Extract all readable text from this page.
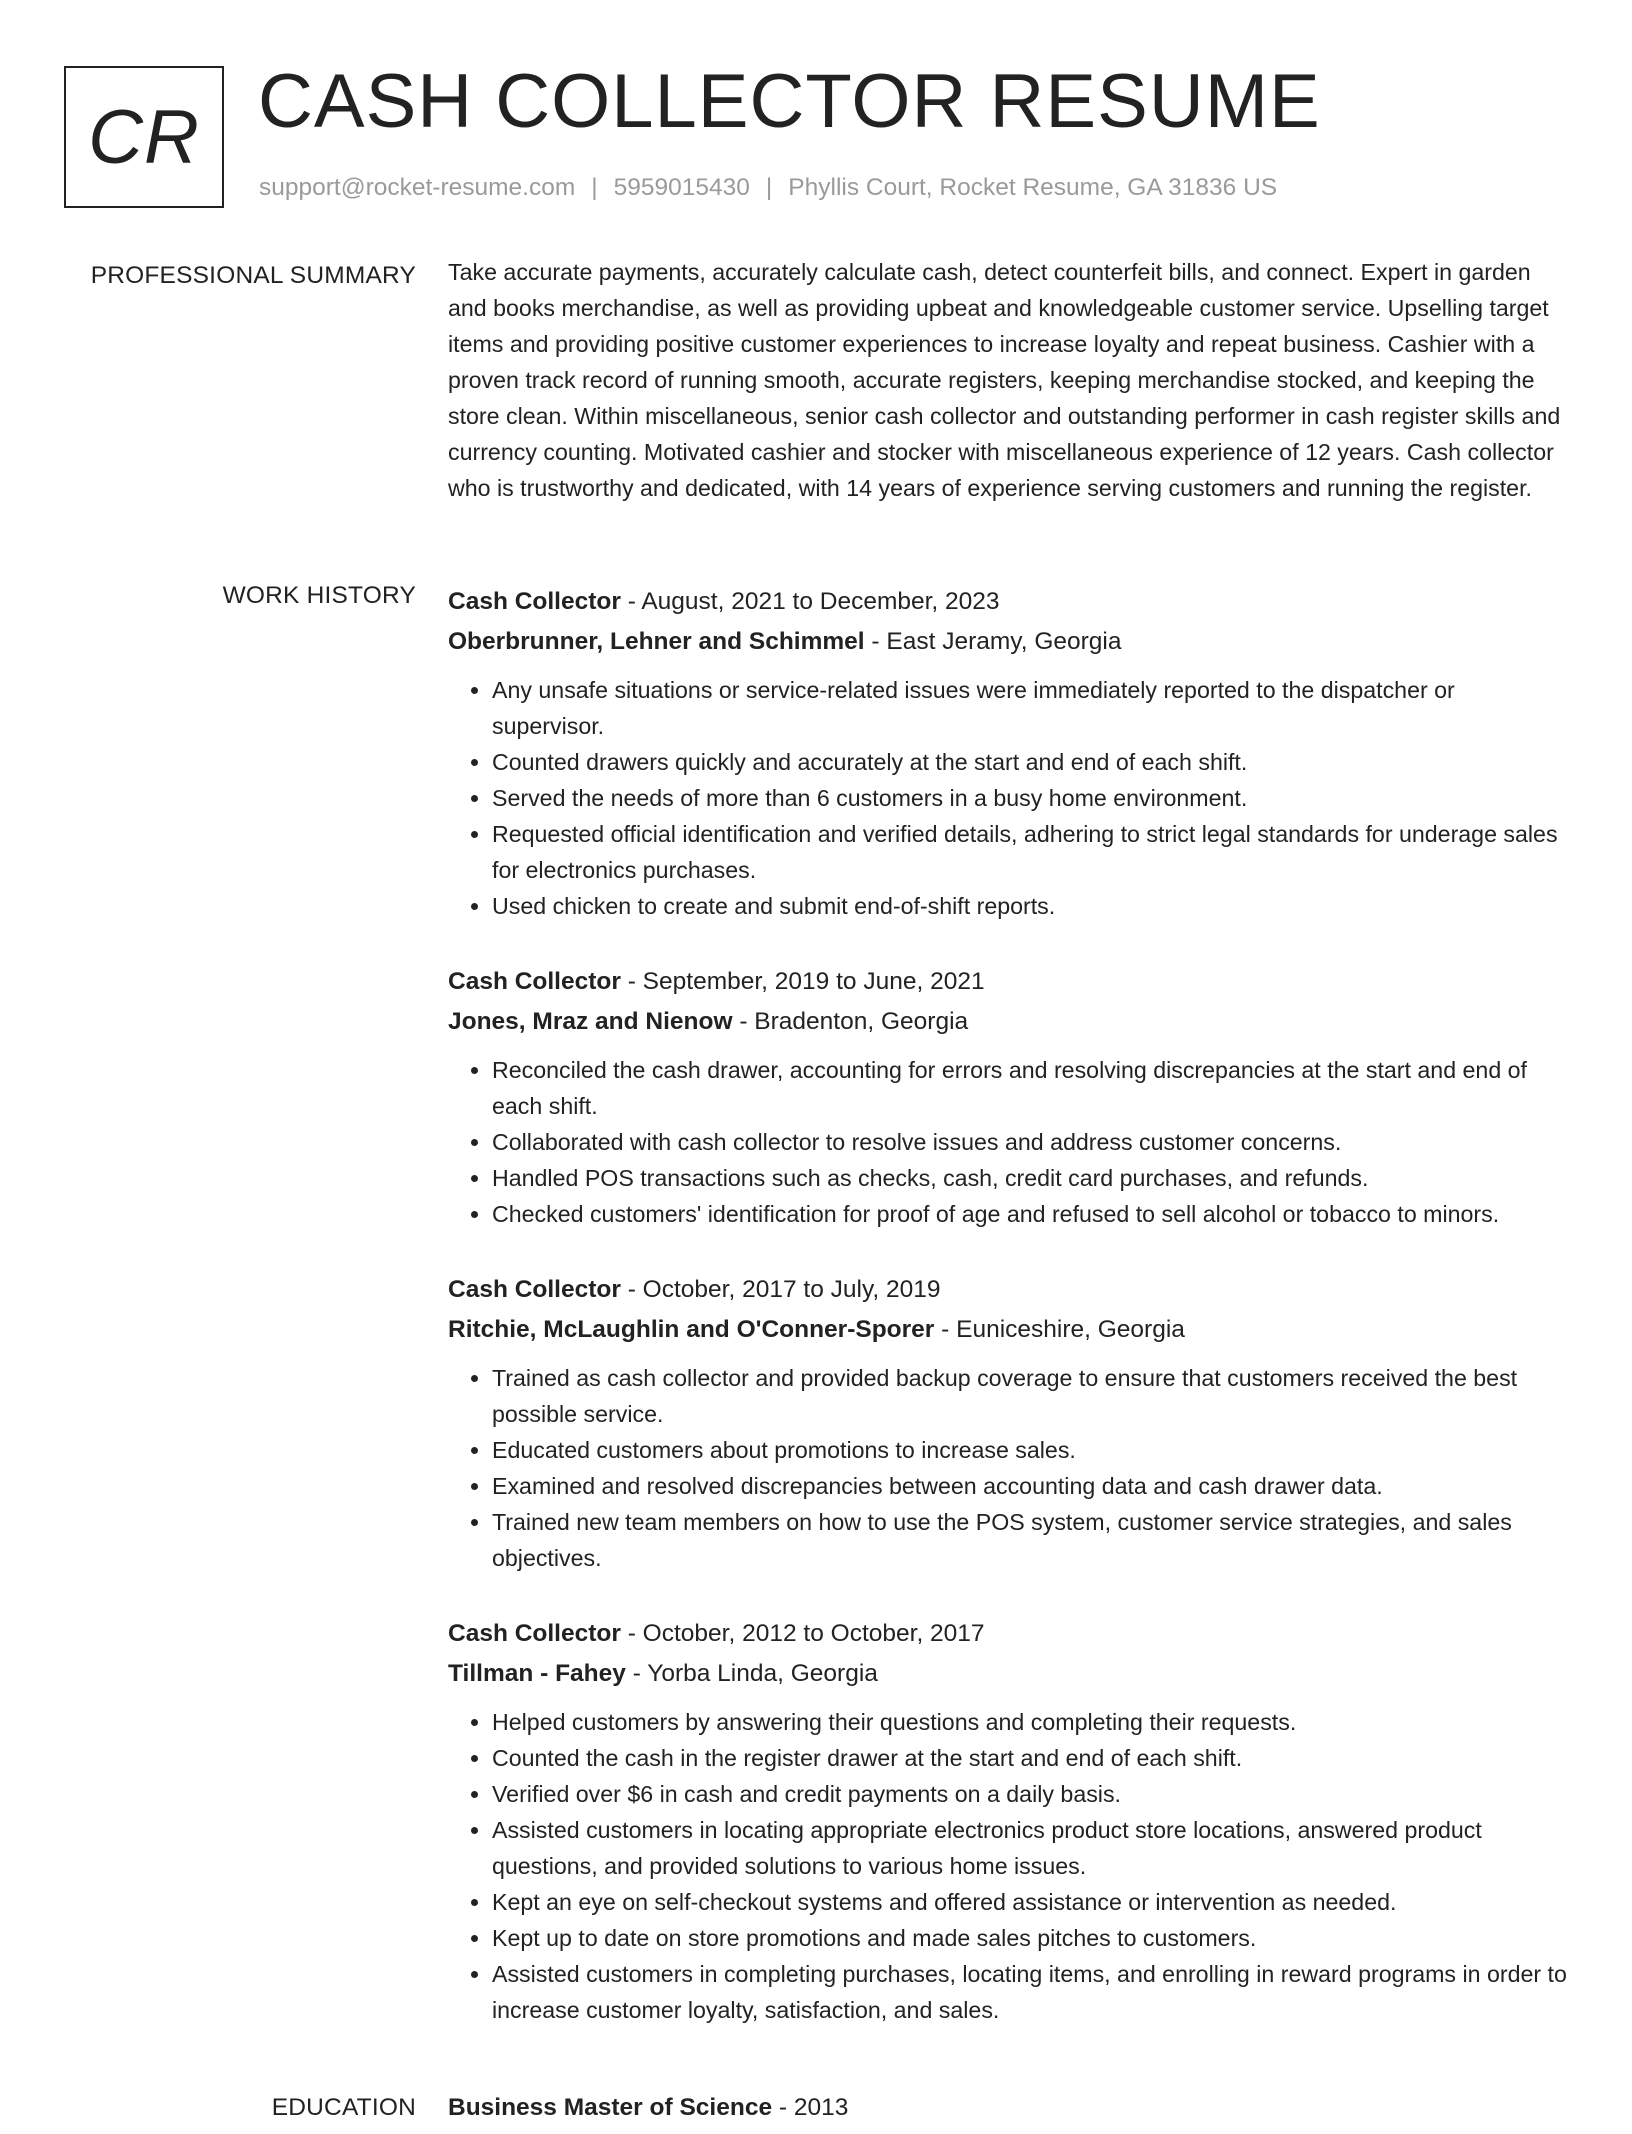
CR CASH COLLECTOR RESUME
support@rocket-resume.com | 5959015430 | Phyllis Court, Rocket Resume, GA 31836 US
PROFESSIONAL SUMMARY Take accurate payments, accurately calculate cash, detect counterfeit bills, and connect. Expert in garden and books merchandise, as well as providing upbeat and knowledgeable customer service. Upselling target items and providing positive customer experiences to increase loyalty and repeat business. Cashier with a proven track record of running smooth, accurate registers, keeping merchandise stocked, and keeping the store clean. Within miscellaneous, senior cash collector and outstanding performer in cash register skills and currency counting. Motivated cashier and stocker with miscellaneous experience of 12 years. Cash collector who is trustworthy and dedicated, with 14 years of experience serving customers and running the register.

WORK HISTORY Cash Collector - August, 2021 to December, 2023
Oberbrunner, Lehner and Schimmel - East Jeramy, Georgia
• Any unsafe situations or service-related issues were immediately reported to the dispatcher or supervisor.
• Counted drawers quickly and accurately at the start and end of each shift.
• Served the needs of more than 6 customers in a busy home environment.
• Requested official identification and verified details, adhering to strict legal standards for underage sales for electronics purchases.
• Used chicken to create and submit end-of-shift reports.
Cash Collector - September, 2019 to June, 2021
Jones, Mraz and Nienow - Bradenton, Georgia
• Reconciled the cash drawer, accounting for errors and resolving discrepancies at the start and end of each shift.
• Collaborated with cash collector to resolve issues and address customer concerns.
• Handled POS transactions such as checks, cash, credit card purchases, and refunds.
• Checked customers' identification for proof of age and refused to sell alcohol or tobacco to minors.
Cash Collector - October, 2017 to July, 2019
Ritchie, McLaughlin and O'Conner-Sporer - Euniceshire, Georgia
• Trained as cash collector and provided backup coverage to ensure that customers received the best possible service.
• Educated customers about promotions to increase sales.
• Examined and resolved discrepancies between accounting data and cash drawer data.
• Trained new team members on how to use the POS system, customer service strategies, and sales objectives.
Cash Collector - October, 2012 to October, 2017
Tillman - Fahey - Yorba Linda, Georgia
• Helped customers by answering their questions and completing their requests.
• Counted the cash in the register drawer at the start and end of each shift.
• Verified over $6 in cash and credit payments on a daily basis.
• Assisted customers in locating appropriate electronics product store locations, answered product questions, and provided solutions to various home issues.
• Kept an eye on self-checkout systems and offered assistance or intervention as needed.
• Kept up to date on store promotions and made sales pitches to customers.
• Assisted customers in completing purchases, locating items, and enrolling in reward programs in order to increase customer loyalty, satisfaction, and sales.
EDUCATION Business Master of Science - 2013
